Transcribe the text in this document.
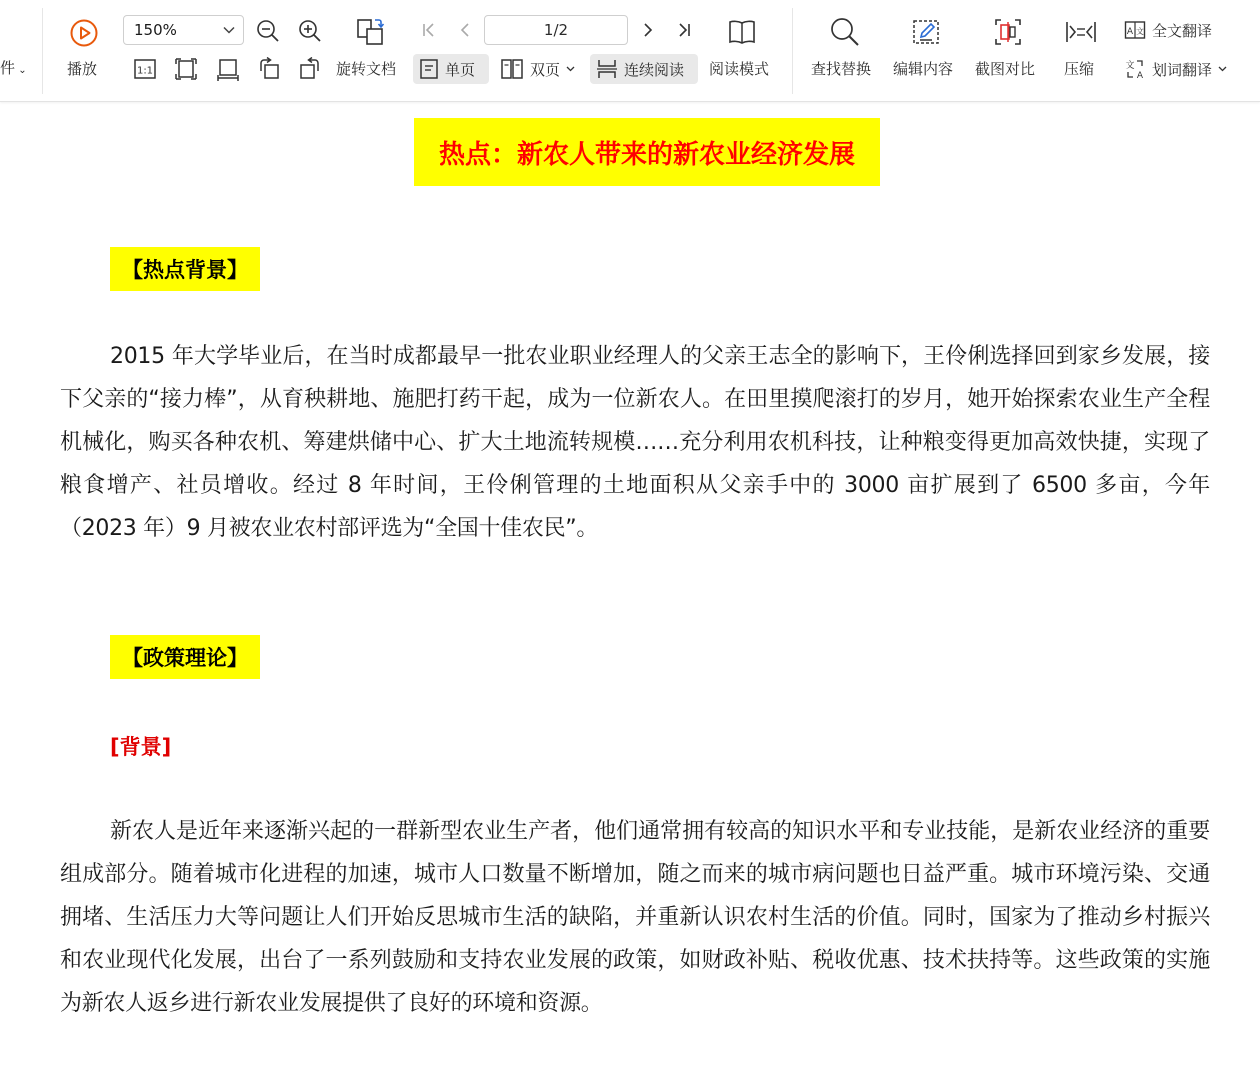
件 ⌄	播放
150%
1:1	旋转文档
1/2
单页	双页	连续阅读 阅读模式	查找替换 编辑内容 截图对比 压缩
A 文 全文翻译
文
A 划词翻译
热点：新农人带来的新农业经济发展
【热点背景】

2015 年大学毕业后，在当时成都最早一批农业职业经理人的父亲王志全的影响下，王伶俐选择回到家乡发展，接下父亲的“接力棒”，从育秧耕地、施肥打药干起，成为一位新农人。在田里摸爬滚打的岁月，她开始探索农业生产全程机械化，购买各种农机、筹建烘储中心、扩大土地流转规模……充分利用农机科技，让种粮变得更加高效快捷，实现了粮食增产、社员增收。经过 8 年时间，王伶俐管理的土地面积从父亲手中的 3000 亩扩展到了 6500 多亩，今年（2023 年）9 月被农业农村部评选为“全国十佳农民”。

【政策理论】
[背景]

新农人是近年来逐渐兴起的一群新型农业生产者，他们通常拥有较高的知识水平和专业技能，是新农业经济的重要组成部分。随着城市化进程的加速，城市人口数量不断增加，随之而来的城市病问题也日益严重。城市环境污染、交通拥堵、生活压力大等问题让人们开始反思城市生活的缺陷，并重新认识农村生活的价值。同时，国家为了推动乡村振兴和农业现代化发展，出台了一系列鼓励和支持农业发展的政策，如财政补贴、税收优惠、技术扶持等。这些政策的实施为新农人返乡进行新农业发展提供了良好的环境和资源。
